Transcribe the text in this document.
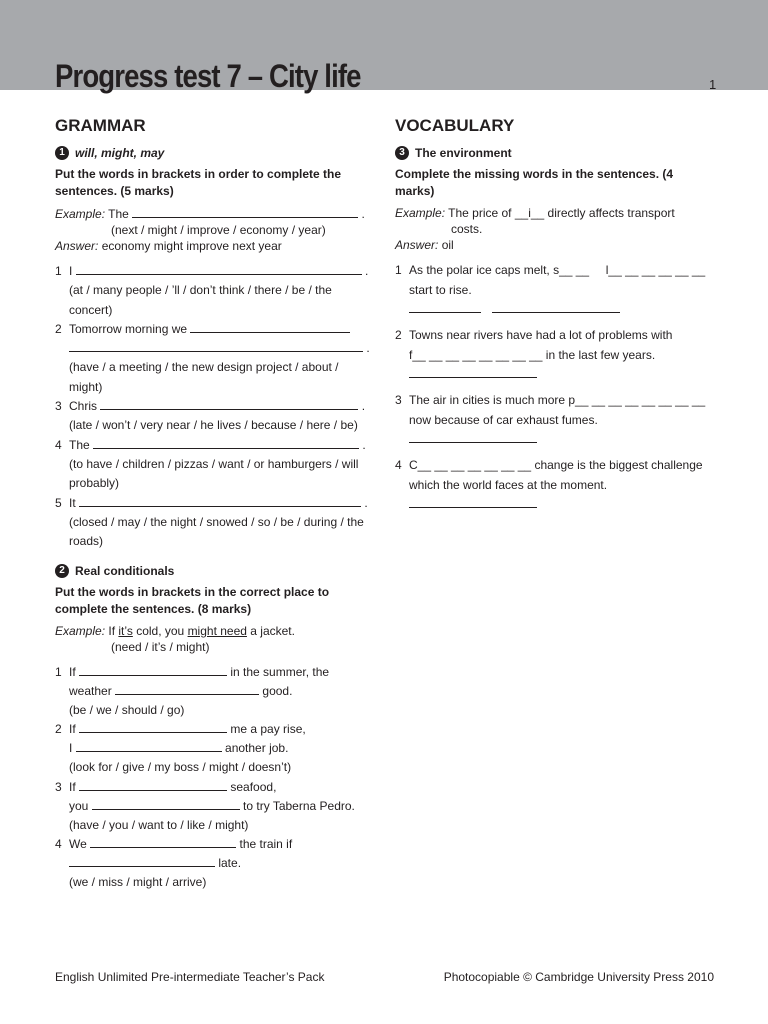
Progress test 7 – City life	1
GRAMMAR
1 will, might, may
Put the words in brackets in order to complete the sentences. (5 marks)
Example: The	.
(next / might / improve / economy / year)
Answer: economy might improve next year
1 I	.
(at / many people / ’ll / don’t think / there / be / the concert)
2 Tomorrow morning we
.
(have / a meeting / the new design project / about / might)
3 Chris	.
(late / won’t / very near / he lives / because / here / be)
4 The	.
(to have / children / pizzas / want / or hamburgers / will probably)
5 It	.
(closed / may / the night / snowed / so / be / during / the roads)
2 Real conditionals
Put the words in brackets in the correct place to complete the sentences. (8 marks)
Example: If it’s cold, you might need a jacket.
(need / it’s / might)
1 If	in the summer, the
weather	good.
(be / we / should / go)
2 If	me a pay rise,
I	another job.
(look for / give / my boss / might / doesn’t)
3 If	seafood,
you	to try Taberna Pedro.
(have / you / want to / like / might)
4 We	the train if
late.
(we / miss / might / arrive)
VOCABULARY
3 The environment
Complete the missing words in the sentences. (4 marks)
Example: The price of __i__ directly affects transport
costs.
Answer: oil
1 As the polar ice caps melt, s__ __     l__ __ __ __ __ __
start to rise.

2 Towns near rivers have had a lot of problems with
f__ __ __ __ __ __ __ __ in the last few years.
3 The air in cities is much more p__ __ __ __ __ __ __ __
now because of car exhaust fumes.
4 C__ __ __ __ __ __ __ change is the biggest challenge
which the world faces at the moment.
English Unlimited Pre-intermediate Teacher’s Pack	Photocopiable © Cambridge University Press 2010
